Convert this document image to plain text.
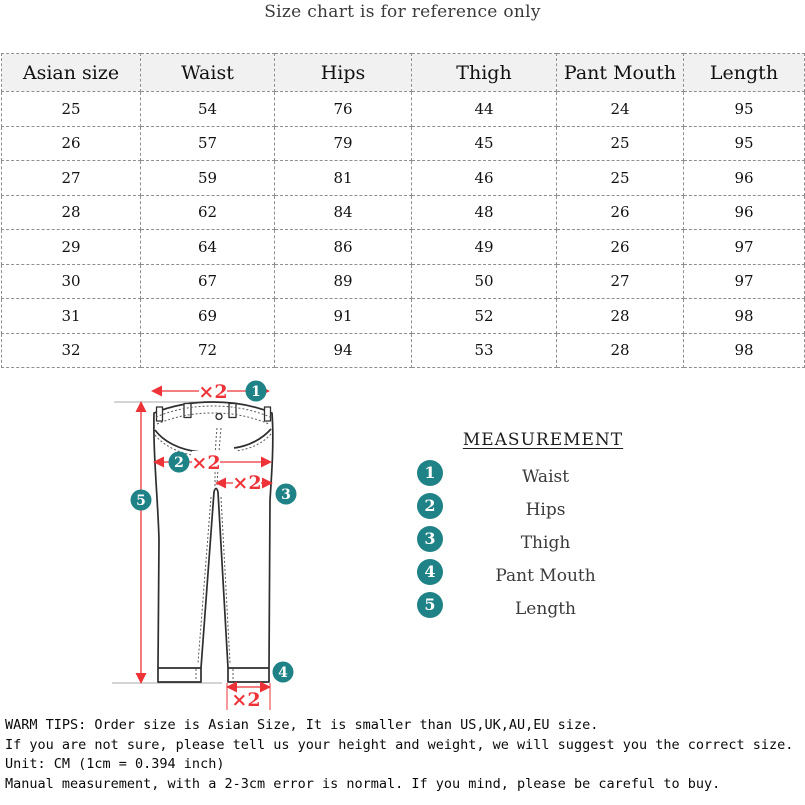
Size chart is for reference only
Asian size	Waist	Hips	Thigh	Pant Mouth	Length
25	54	76	44	24	95
26	57	79	45	25	95
27	59	81	46	25	96
28	62	84	48	26	96
29	64	86	49	26	97
30	67	89	50	27	97
31	69	91	52	28	98
32	72	94	53	28	98
×2
×2
×2
×2
1
2
3
4
5
MEASUREMENT
1	Waist
2	Hips
3	Thigh
4	Pant Mouth
5	Length
WARM TIPS: Order size is Asian Size, It is smaller than US,UK,AU,EU size.
If you are not sure, please tell us your height and weight, we will suggest you the correct size.
Unit: CM (1cm = 0.394 inch)
Manual measurement, with a 2-3cm error is normal. If you mind, please be careful to buy.
